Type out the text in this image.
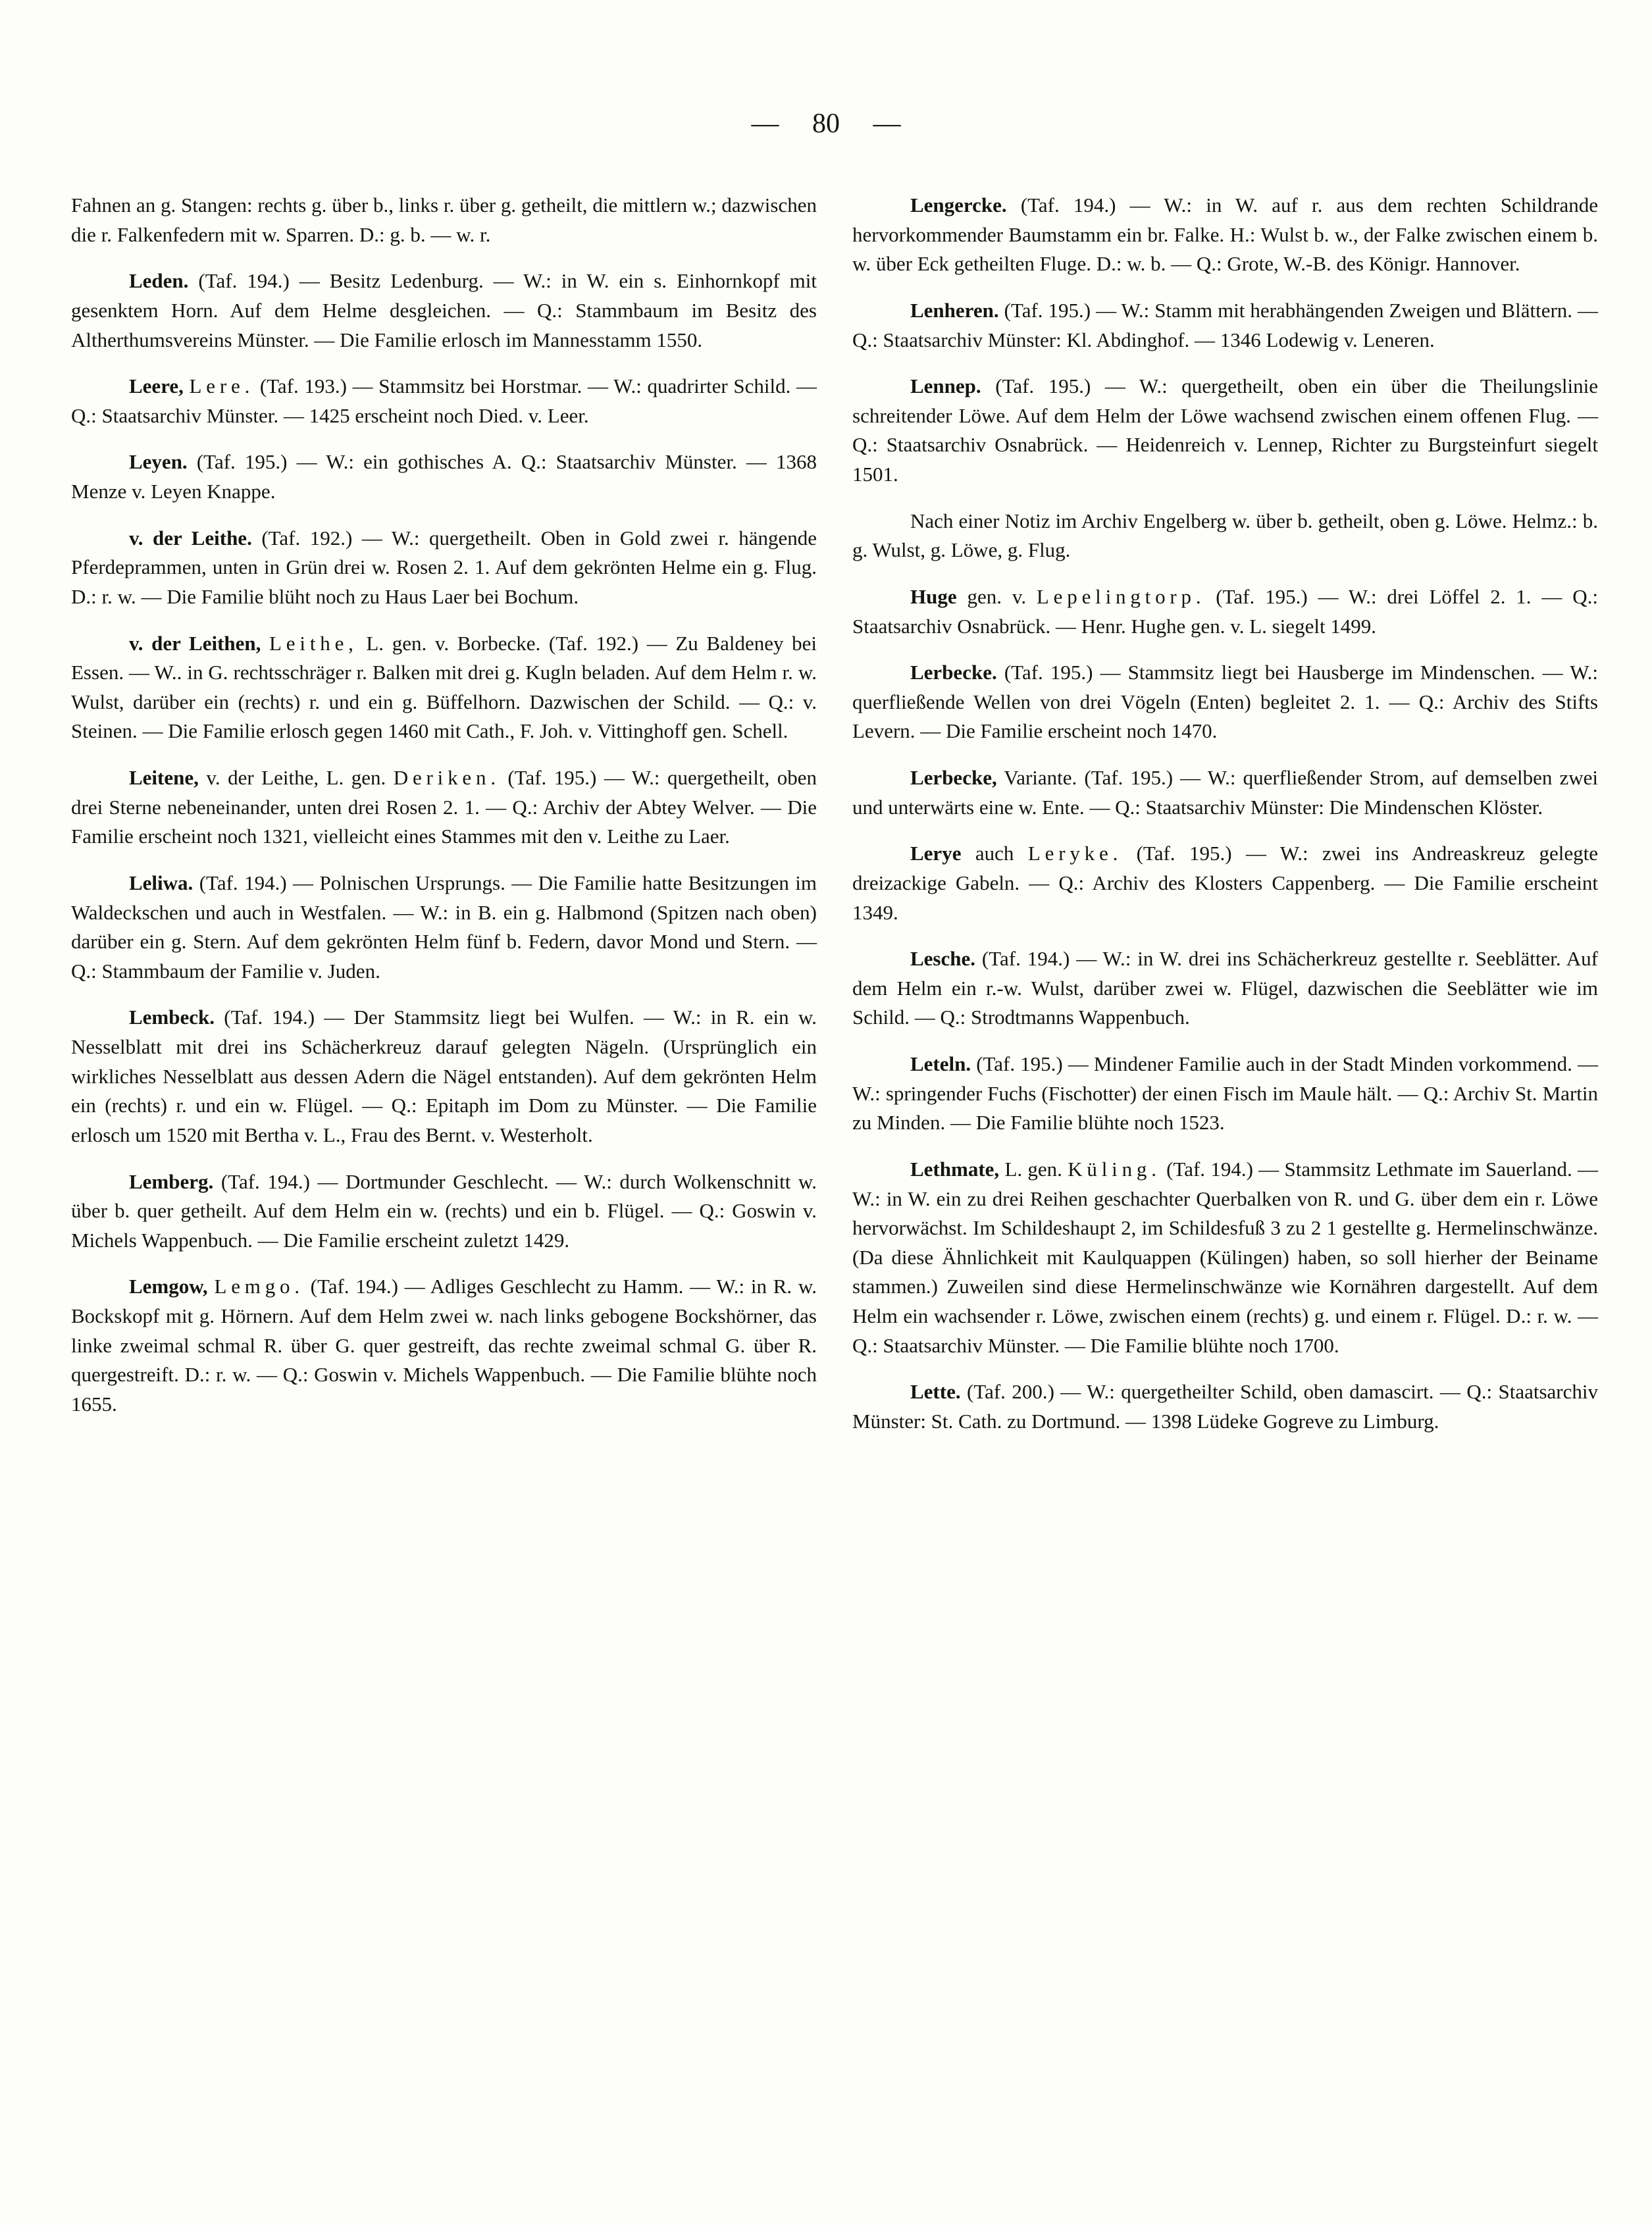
— 80 —

Fahnen an g. Stangen: rechts g. über b., links r. über g. getheilt, die mittlern w.; dazwischen die r. Falkenfedern mit w. Sparren. D.: g. b. — w. r.

Leden. (Taf. 194.) — Besitz Ledenburg. — W.: in W. ein s. Einhornkopf mit gesenktem Horn. Auf dem Helme desgleichen. — Q.: Stammbaum im Besitz des Altherthumsvereins Münster. — Die Familie erlosch im Mannesstamm 1550.

Leere, Lere. (Taf. 193.) — Stammsitz bei Horstmar. — W.: quadrirter Schild. — Q.: Staatsarchiv Münster. — 1425 erscheint noch Died. v. Leer.

Leyen. (Taf. 195.) — W.: ein gothisches A. Q.: Staatsarchiv Münster. — 1368 Menze v. Leyen Knappe.

v. der Leithe. (Taf. 192.) — W.: quergetheilt. Oben in Gold zwei r. hängende Pferdeprammen, unten in Grün drei w. Rosen 2. 1. Auf dem gekrönten Helme ein g. Flug. D.: r. w. — Die Familie blüht noch zu Haus Laer bei Bochum.

v. der Leithen, Leithe, L. gen. v. Borbecke. (Taf. 192.) — Zu Baldeney bei Essen. — W.. in G. rechtsschräger r. Balken mit drei g. Kugln beladen. Auf dem Helm r. w. Wulst, darüber ein (rechts) r. und ein g. Büffelhorn. Dazwischen der Schild. — Q.: v. Steinen. — Die Familie erlosch gegen 1460 mit Cath., F. Joh. v. Vittinghoff gen. Schell.

Leitene, v. der Leithe, L. gen. Deriken. (Taf. 195.) — W.: quergetheilt, oben drei Sterne nebeneinander, unten drei Rosen 2. 1. — Q.: Archiv der Abtey Welver. — Die Familie erscheint noch 1321, vielleicht eines Stammes mit den v. Leithe zu Laer.

Leliwa. (Taf. 194.) — Polnischen Ursprungs. — Die Familie hatte Besitzungen im Waldeckschen und auch in Westfalen. — W.: in B. ein g. Halbmond (Spitzen nach oben) darüber ein g. Stern. Auf dem gekrönten Helm fünf b. Federn, davor Mond und Stern. — Q.: Stammbaum der Familie v. Juden.

Lembeck. (Taf. 194.) — Der Stammsitz liegt bei Wulfen. — W.: in R. ein w. Nesselblatt mit drei ins Schächerkreuz darauf gelegten Nägeln. (Ursprünglich ein wirkliches Nesselblatt aus dessen Adern die Nägel entstanden). Auf dem gekrönten Helm ein (rechts) r. und ein w. Flügel. — Q.: Epitaph im Dom zu Münster. — Die Familie erlosch um 1520 mit Bertha v. L., Frau des Bernt. v. Westerholt.

Lemberg. (Taf. 194.) — Dortmunder Geschlecht. — W.: durch Wolkenschnitt w. über b. quer getheilt. Auf dem Helm ein w. (rechts) und ein b. Flügel. — Q.: Goswin v. Michels Wappenbuch. — Die Familie erscheint zuletzt 1429.

Lemgow, Lemgo. (Taf. 194.) — Adliges Geschlecht zu Hamm. — W.: in R. w. Bockskopf mit g. Hörnern. Auf dem Helm zwei w. nach links gebogene Bockshörner, das linke zweimal schmal R. über G. quer gestreift, das rechte zweimal schmal G. über R. quergestreift. D.: r. w. — Q.: Goswin v. Michels Wappenbuch. — Die Familie blühte noch 1655.

Lengercke. (Taf. 194.) — W.: in W. auf r. aus dem rechten Schildrande hervorkommender Baumstamm ein br. Falke. H.: Wulst b. w., der Falke zwischen einem b. w. über Eck getheilten Fluge. D.: w. b. — Q.: Grote, W.-B. des Königr. Hannover.

Lenheren. (Taf. 195.) — W.: Stamm mit herabhängenden Zweigen und Blättern. — Q.: Staatsarchiv Münster: Kl. Abdinghof. — 1346 Lodewig v. Leneren.

Lennep. (Taf. 195.) — W.: quergetheilt, oben ein über die Theilungslinie schreitender Löwe. Auf dem Helm der Löwe wachsend zwischen einem offenen Flug. — Q.: Staatsarchiv Osnabrück. — Heidenreich v. Lennep, Richter zu Burgsteinfurt siegelt 1501.

Nach einer Notiz im Archiv Engelberg w. über b. getheilt, oben g. Löwe. Helmz.: b. g. Wulst, g. Löwe, g. Flug.

Huge gen. v. Lepelingtorp. (Taf. 195.) — W.: drei Löffel 2. 1. — Q.: Staatsarchiv Osnabrück. — Henr. Hughe gen. v. L. siegelt 1499.

Lerbecke. (Taf. 195.) — Stammsitz liegt bei Hausberge im Mindenschen. — W.: querfließende Wellen von drei Vögeln (Enten) begleitet 2. 1. — Q.: Archiv des Stifts Levern. — Die Familie erscheint noch 1470.

Lerbecke, Variante. (Taf. 195.) — W.: querfließender Strom, auf demselben zwei und unterwärts eine w. Ente. — Q.: Staatsarchiv Münster: Die Mindenschen Klöster.

Lerye auch Leryke. (Taf. 195.) — W.: zwei ins Andreaskreuz gelegte dreizackige Gabeln. — Q.: Archiv des Klosters Cappenberg. — Die Familie erscheint 1349.

Lesche. (Taf. 194.) — W.: in W. drei ins Schächerkreuz gestellte r. Seeblätter. Auf dem Helm ein r.-w. Wulst, darüber zwei w. Flügel, dazwischen die Seeblätter wie im Schild. — Q.: Strodtmanns Wappenbuch.

Leteln. (Taf. 195.) — Mindener Familie auch in der Stadt Minden vorkommend. — W.: springender Fuchs (Fischotter) der einen Fisch im Maule hält. — Q.: Archiv St. Martin zu Minden. — Die Familie blühte noch 1523.

Lethmate, L. gen. Küling. (Taf. 194.) — Stammsitz Lethmate im Sauerland. — W.: in W. ein zu drei Reihen geschachter Querbalken von R. und G. über dem ein r. Löwe hervorwächst. Im Schildeshaupt 2, im Schildesfuß 3 zu 2 1 gestellte g. Hermelinschwänze. (Da diese Ähnlichkeit mit Kaulquappen (Külingen) haben, so soll hierher der Beiname stammen.) Zuweilen sind diese Hermelinschwänze wie Kornähren dargestellt. Auf dem Helm ein wachsender r. Löwe, zwischen einem (rechts) g. und einem r. Flügel. D.: r. w. — Q.: Staatsarchiv Münster. — Die Familie blühte noch 1700.

Lette. (Taf. 200.) — W.: quergetheilter Schild, oben damascirt. — Q.: Staatsarchiv Münster: St. Cath. zu Dortmund. — 1398 Lüdeke Gogreve zu Limburg.
